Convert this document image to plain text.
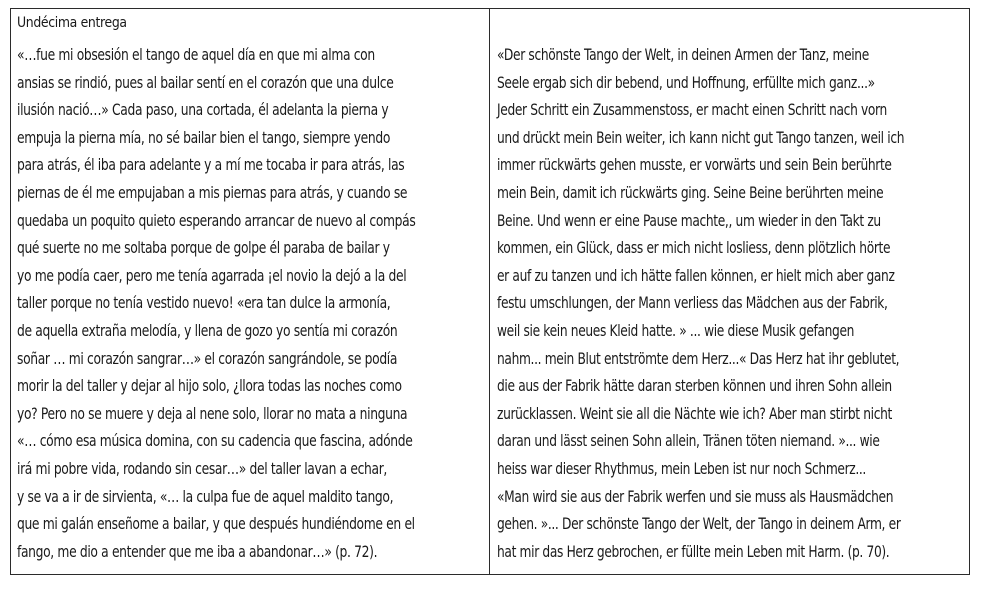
Undécima entrega
«…fue mi obsesión el tango de aquel día en que mi alma con
ansias se rindió, pues al bailar sentí en el corazón que una dulce
ilusión nació…» Cada paso, una cortada, él adelanta la pierna y
empuja la pierna mía, no sé bailar bien el tango, siempre yendo
para atrás, él iba para adelante y a mí me tocaba ir para atrás, las
piernas de él me empujaban a mis piernas para atrás, y cuando se
quedaba un poquito quieto esperando arrancar de nuevo al compás
qué suerte no me soltaba porque de golpe él paraba de bailar y
yo me podía caer, pero me tenía agarrada ¡el novio la dejó a la del
taller porque no tenía vestido nuevo! «era tan dulce la armonía,
de aquella extraña melodía, y llena de gozo yo sentía mi corazón
soñar … mi corazón sangrar…» el corazón sangrándole, se podía
morir la del taller y dejar al hijo solo, ¿llora todas las noches como
yo? Pero no se muere y deja al nene solo, llorar no mata a ninguna
«… cómo esa música domina, con su cadencia que fascina, adónde
irá mi pobre vida, rodando sin cesar…» del taller lavan a echar,
y se va a ir de sirvienta, «… la culpa fue de aquel maldito tango,
que mi galán enseñome a bailar, y que después hundiéndome en el
fango, me dio a entender que me iba a abandonar…» (p. 72).
«Der schönste Tango der Welt, in deinen Armen der Tanz, meine
Seele ergab sich dir bebend, und Hoffnung, erfüllte mich ganz...»
Jeder Schritt ein Zusammenstoss, er macht einen Schritt nach vorn
und drückt mein Bein weiter, ich kann nicht gut Tango tanzen, weil ich
immer rückwärts gehen musste, er vorwärts und sein Bein berührte
mein Bein, damit ich rückwärts ging. Seine Beine berührten meine
Beine. Und wenn er eine Pause machte,, um wieder in den Takt zu
kommen, ein Glück, dass er mich nicht losliess, denn plötzlich hörte
er auf zu tanzen und ich hätte fallen können, er hielt mich aber ganz
festu umschlungen, der Mann verliess das Mädchen aus der Fabrik,
weil sie kein neues Kleid hatte. » ... wie diese Musik gefangen
nahm... mein Blut entströmte dem Herz...« Das Herz hat ihr geblutet,
die aus der Fabrik hätte daran sterben können und ihren Sohn allein
zurücklassen. Weint sie all die Nächte wie ich? Aber man stirbt nicht
daran und lässt seinen Sohn allein, Tränen töten niemand. »... wie
heiss war dieser Rhythmus, mein Leben ist nur noch Schmerz...
«Man wird sie aus der Fabrik werfen und sie muss als Hausmädchen
gehen. »... Der schönste Tango der Welt, der Tango in deinem Arm, er
hat mir das Herz gebrochen, er füllte mein Leben mit Harm. (p. 70).
